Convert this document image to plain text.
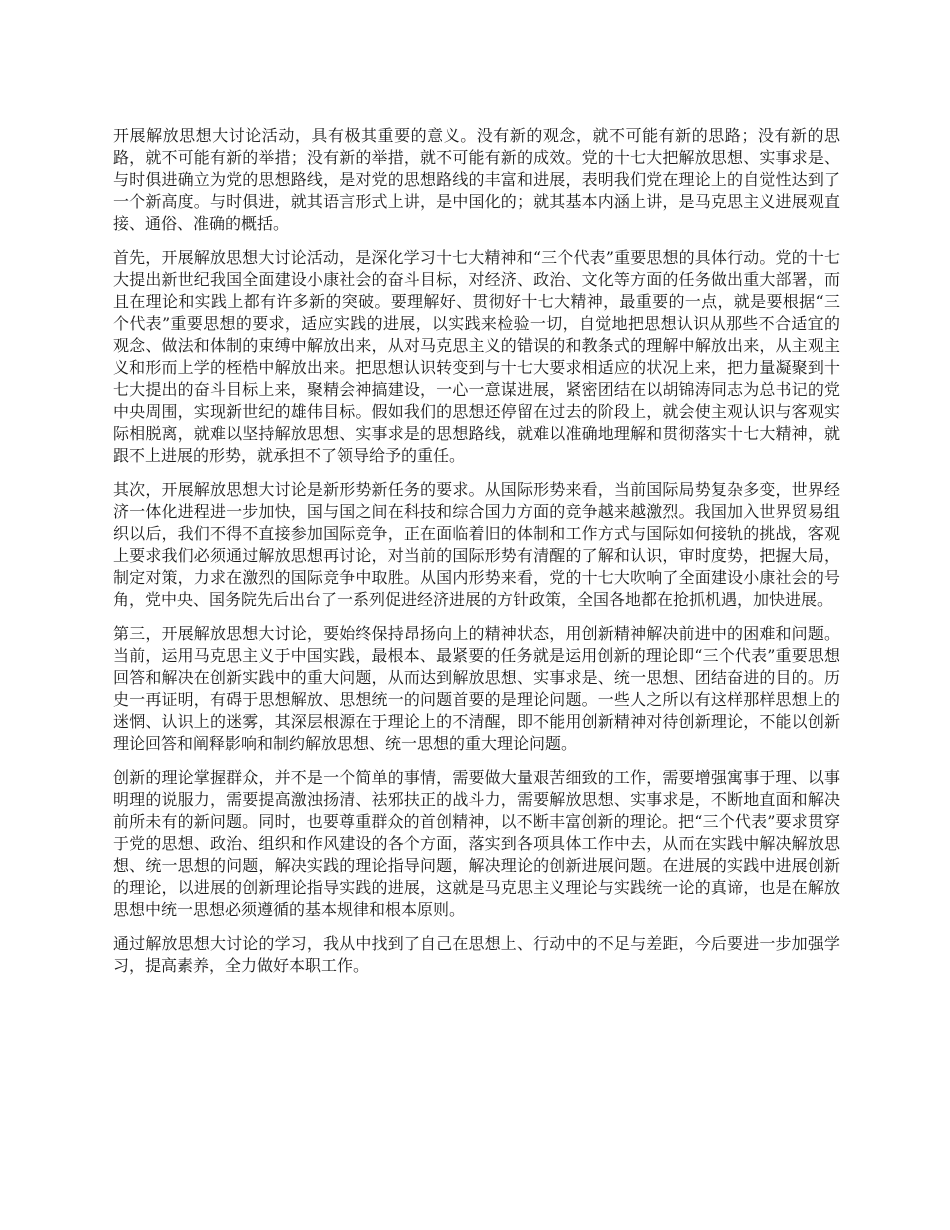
开展解放思想大讨论活动，具有极其重要的意义。没有新的观念，就不可能有新的思路；没有新的思路，就不可能有新的举措；没有新的举措，就不可能有新的成效。党的十七大把解放思想、实事求是、与时俱进确立为党的思想路线，是对党的思想路线的丰富和进展，表明我们党在理论上的自觉性达到了一个新高度。与时俱进，就其语言形式上讲，是中国化的；就其基本内涵上讲，是马克思主义进展观直接、通俗、准确的概括。

首先，开展解放思想大讨论活动，是深化学习十七大精神和“三个代表”重要思想的具体行动。党的十七大提出新世纪我国全面建设小康社会的奋斗目标，对经济、政治、文化等方面的任务做出重大部署，而且在理论和实践上都有许多新的突破。要理解好、贯彻好十七大精神，最重要的一点，就是要根据“三个代表”重要思想的要求，适应实践的进展，以实践来检验一切，自觉地把思想认识从那些不合适宜的观念、做法和体制的束缚中解放出来，从对马克思主义的错误的和教条式的理解中解放出来，从主观主义和形而上学的桎梏中解放出来。把思想认识转变到与十七大要求相适应的状况上来，把力量凝聚到十七大提出的奋斗目标上来，聚精会神搞建设，一心一意谋进展，紧密团结在以胡锦涛同志为总书记的党中央周围，实现新世纪的雄伟目标。假如我们的思想还停留在过去的阶段上，就会使主观认识与客观实际相脱离，就难以坚持解放思想、实事求是的思想路线，就难以准确地理解和贯彻落实十七大精神，就跟不上进展的形势，就承担不了领导给予的重任。

其次，开展解放思想大讨论是新形势新任务的要求。从国际形势来看，当前国际局势复杂多变，世界经济一体化进程进一步加快，国与国之间在科技和综合国力方面的竞争越来越激烈。我国加入世界贸易组织以后，我们不得不直接参加国际竞争，正在面临着旧的体制和工作方式与国际如何接轨的挑战，客观上要求我们必须通过解放思想再讨论，对当前的国际形势有清醒的了解和认识，审时度势，把握大局，制定对策，力求在激烈的国际竞争中取胜。从国内形势来看，党的十七大吹响了全面建设小康社会的号角，党中央、国务院先后出台了一系列促进经济进展的方针政策，全国各地都在抢抓机遇，加快进展。

第三，开展解放思想大讨论，要始终保持昂扬向上的精神状态，用创新精神解决前进中的困难和问题。当前，运用马克思主义于中国实践，最根本、最紧要的任务就是运用创新的理论即“三个代表”重要思想回答和解决在创新实践中的重大问题，从而达到解放思想、实事求是、统一思想、团结奋进的目的。历史一再证明，有碍于思想解放、思想统一的问题首要的是理论问题。一些人之所以有这样那样思想上的迷惘、认识上的迷雾，其深层根源在于理论上的不清醒，即不能用创新精神对待创新理论，不能以创新理论回答和阐释影响和制约解放思想、统一思想的重大理论问题。

创新的理论掌握群众，并不是一个简单的事情，需要做大量艰苦细致的工作，需要增强寓事于理、以事明理的说服力，需要提高激浊扬清、祛邪扶正的战斗力，需要解放思想、实事求是，不断地直面和解决前所未有的新问题。同时，也要尊重群众的首创精神，以不断丰富创新的理论。把“三个代表”要求贯穿于党的思想、政治、组织和作风建设的各个方面，落实到各项具体工作中去，从而在实践中解决解放思想、统一思想的问题，解决实践的理论指导问题，解决理论的创新进展问题。在进展的实践中进展创新的理论，以进展的创新理论指导实践的进展，这就是马克思主义理论与实践统一论的真谛，也是在解放思想中统一思想必须遵循的基本规律和根本原则。

通过解放思想大讨论的学习，我从中找到了自己在思想上、行动中的不足与差距，今后要进一步加强学习，提高素养，全力做好本职工作。
